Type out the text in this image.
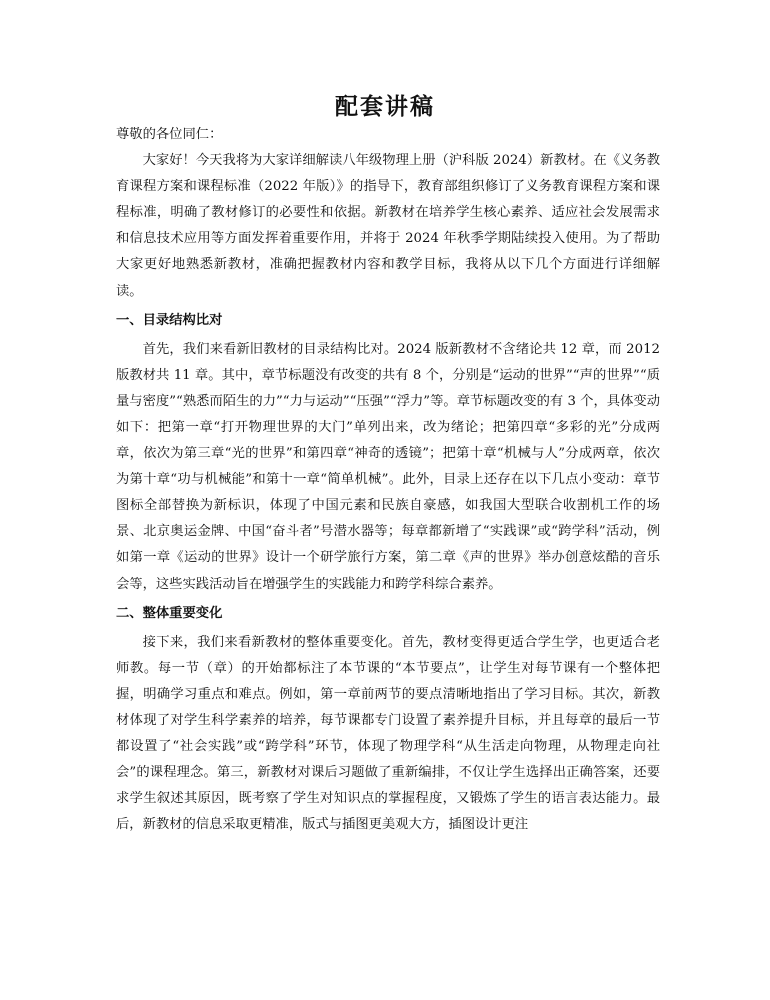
配套讲稿

尊敬的各位同仁：

大家好！今天我将为大家详细解读八年级物理上册（沪科版 2024）新教材。在《义务教育课程方案和课程标准（2022 年版）》的指导下，教育部组织修订了义务教育课程方案和课程标准，明确了教材修订的必要性和依据。新教材在培养学生核心素养、适应社会发展需求和信息技术应用等方面发挥着重要作用，并将于 2024 年秋季学期陆续投入使用。为了帮助大家更好地熟悉新教材，准确把握教材内容和教学目标，我将从以下几个方面进行详细解读。

一、目录结构比对

首先，我们来看新旧教材的目录结构比对。2024 版新教材不含绪论共 12 章，而 2012 版教材共 11 章。其中，章节标题没有改变的共有 8 个，分别是“运动的世界”“声的世界”“质量与密度”“熟悉而陌生的力”“力与运动”“压强”“浮力”等。章节标题改变的有 3 个，具体变动如下：把第一章“打开物理世界的大门”单列出来，改为绪论；把第四章“多彩的光”分成两章，依次为第三章“光的世界”和第四章“神奇的透镜”；把第十章“机械与人”分成两章，依次为第十章“功与机械能”和第十一章“简单机械”。此外，目录上还存在以下几点小变动：章节图标全部替换为新标识，体现了中国元素和民族自豪感，如我国大型联合收割机工作的场景、北京奥运金牌、中国“奋斗者”号潜水器等；每章都新增了“实践课”或“跨学科”活动，例如第一章《运动的世界》设计一个研学旅行方案，第二章《声的世界》举办创意炫酷的音乐会等，这些实践活动旨在增强学生的实践能力和跨学科综合素养。

二、整体重要变化

接下来，我们来看新教材的整体重要变化。首先，教材变得更适合学生学，也更适合老师教。每一节（章）的开始都标注了本节课的“本节要点”，让学生对每节课有一个整体把握，明确学习重点和难点。例如，第一章前两节的要点清晰地指出了学习目标。其次，新教材体现了对学生科学素养的培养，每节课都专门设置了素养提升目标，并且每章的最后一节都设置了“社会实践”或“跨学科”环节，体现了物理学科“从生活走向物理，从物理走向社会”的课程理念。第三，新教材对课后习题做了重新编排，不仅让学生选择出正确答案，还要求学生叙述其原因，既考察了学生对知识点的掌握程度，又锻炼了学生的语言表达能力。最后，新教材的信息采取更精准，版式与插图更美观大方，插图设计更注
